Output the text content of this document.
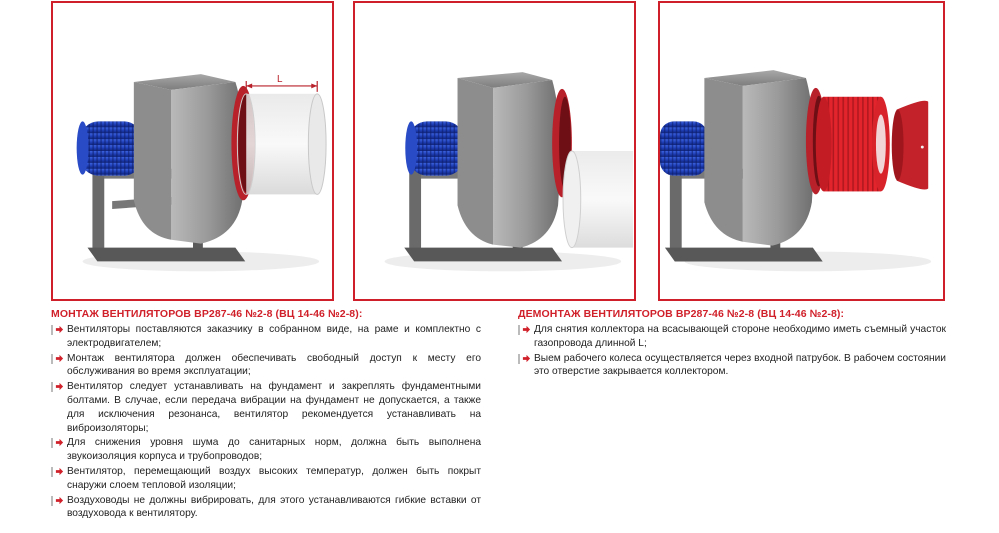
L
МОНТАЖ ВЕНТИЛЯТОРОВ ВР287-46 №2-8 (ВЦ 14-46 №2-8):
Вентиляторы поставляются заказчику в собранном виде, на раме и комплектно с электродвигателем;
Монтаж вентилятора должен обеспечивать свободный доступ к месту его обслуживания во время эксплуатации;
Вентилятор следует устанавливать на фундамент и закреплять фундаментными болтами. В случае, если передача вибрации на фундамент не допускается, а также для исключения резонанса, вентилятор рекомендуется устанавливать на виброизоляторы;
Для снижения уровня шума до санитарных норм, должна быть выполнена звукоизоляция корпуса и трубопроводов;
Вентилятор, перемещающий воздух высоких температур, должен быть покрыт снаружи слоем тепловой изоляции;
Воздуховоды не должны вибрировать, для этого устанавливаются гибкие вставки от воздуховода к вентилятору.
ДЕМОНТАЖ ВЕНТИЛЯТОРОВ ВР287-46 №2-8 (ВЦ 14-46 №2-8):
Для снятия коллектора на всасывающей стороне необходимо иметь съемный участок газопровода длинной L;
Выем рабочего колеса осуществляется через входной патрубок. В рабочем состоянии это отверстие закрывается коллектором.
